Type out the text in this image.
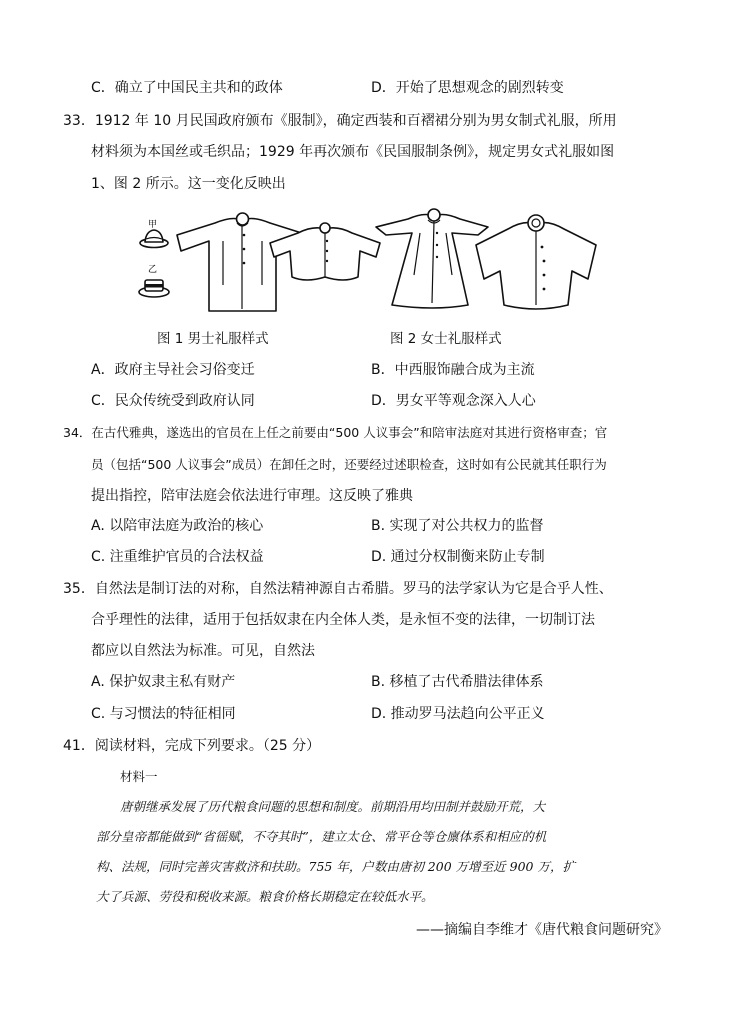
C．确立了中国民主共和的政体	D．开始了思想观念的剧烈转变
33．1912 年 10 月民国政府颁布《服制》，确定西装和百褶裙分别为男女制式礼服，所用
材料须为本国丝或毛织品；1929 年再次颁布《民国服制条例》，规定男女式礼服如图
1、图 2 所示。这一变化反映出
甲
乙
图 1 男士礼服样式	图 2 女士礼服样式
A．政府主导社会习俗变迁	B．中西服饰融合成为主流
C．民众传统受到政府认同	D．男女平等观念深入人心
34．在古代雅典，遂选出的官员在上任之前要由“500 人议事会”和陪审法庭对其进行资格审查；官
员（包括“500 人议事会”成员）在卸任之时，还要经过述职检查，这时如有公民就其任职行为
提出指控，陪审法庭会依法进行审理。这反映了雅典
A. 以陪审法庭为政治的核心	B. 实现了对公共权力的监督
C. 注重维护官员的合法权益	D. 通过分权制衡来防止专制
35．自然法是制订法的对称，自然法精神源自古希腊。罗马的法学家认为它是合乎人性、
合乎理性的法律，适用于包括奴隶在内全体人类，是永恒不变的法律，一切制订法
都应以自然法为标准。可见，自然法
A. 保护奴隶主私有财产	B. 移植了古代希腊法律体系
C. 与习惯法的特征相同	D. 推动罗马法趋向公平正义
41．阅读材料，完成下列要求。（25 分）
材料一
唐朝继承发展了历代粮食问题的思想和制度。前期沿用均田制并鼓励开荒，大
部分皇帝都能做到“省徭赋，不夺其时”，建立太仓、常平仓等仓廪体系和相应的机
构、法规，同时完善灾害救济和扶助。755 年，户数由唐初 200 万增至近 900 万，扩
大了兵源、劳役和税收来源。粮食价格长期稳定在较低水平。
——摘编自李维才《唐代粮食问题研究》
